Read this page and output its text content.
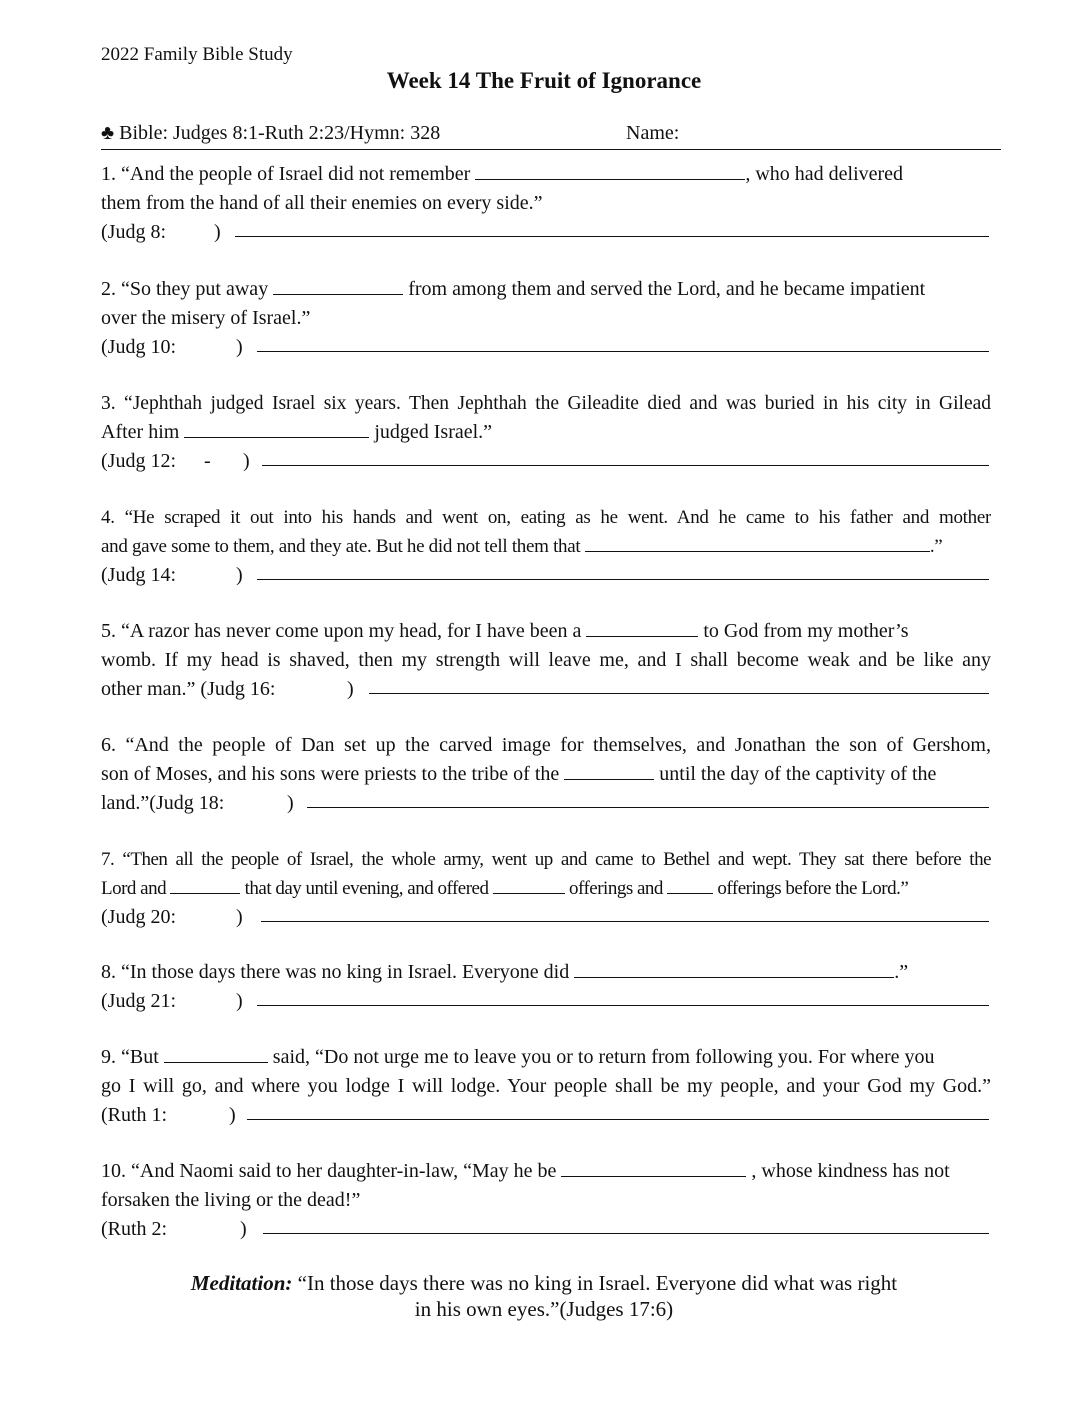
2022 Family Bible Study
Week 14 The Fruit of Ignorance
♣ Bible: Judges 8:1-Ruth 2:23/Hymn: 328	Name:
1. “And the people of Israel did not remember	, who had delivered
them from the hand of all their enemies on every side.”
(Judg 8: )
2. “So they put away	from among them and served the Lord, and he became impatient
over the misery of Israel.”
(Judg 10:	)
3. “Jephthah judged Israel six years. Then Jephthah the Gileadite died and was buried in his city in Gilead
After him	judged Israel.”
(Judg 12: - )
4. “He scraped it out into his hands and went on, eating as he went. And he came to his father and mother
and gave some to them, and they ate. But he did not tell them that	.”
(Judg 14:	)
5. “A razor has never come upon my head, for I have been a	to God from my mother’s
womb. If my head is shaved, then my strength will leave me, and I shall become weak and be like any
other man.” (Judg 16:	)
6. “And the people of Dan set up the carved image for themselves, and Jonathan the son of Gershom,
son of Moses, and his sons were priests to the tribe of the	until the day of the captivity of the
land.”(Judg 18:	)
7. “Then all the people of Israel, the whole army, went up and came to Bethel and wept. They sat there before the
Lord and	that day until evening, and offered	offerings and  offerings before the Lord.”
(Judg 20:	)
8. “In those days there was no king in Israel. Everyone did	.”
(Judg 21:	)
9. “But	said, “Do not urge me to leave you or to return from following you. For where you
go I will go, and where you lodge I will lodge. Your people shall be my people, and your God my God.”
(Ruth 1:	)
10. “And Naomi said to her daughter-in-law, “May he be	, whose kindness has not
forsaken the living or the dead!”
(Ruth 2:	)
Meditation: “In those days there was no king in Israel. Everyone did what was right
in his own eyes.”(Judges 17:6)
